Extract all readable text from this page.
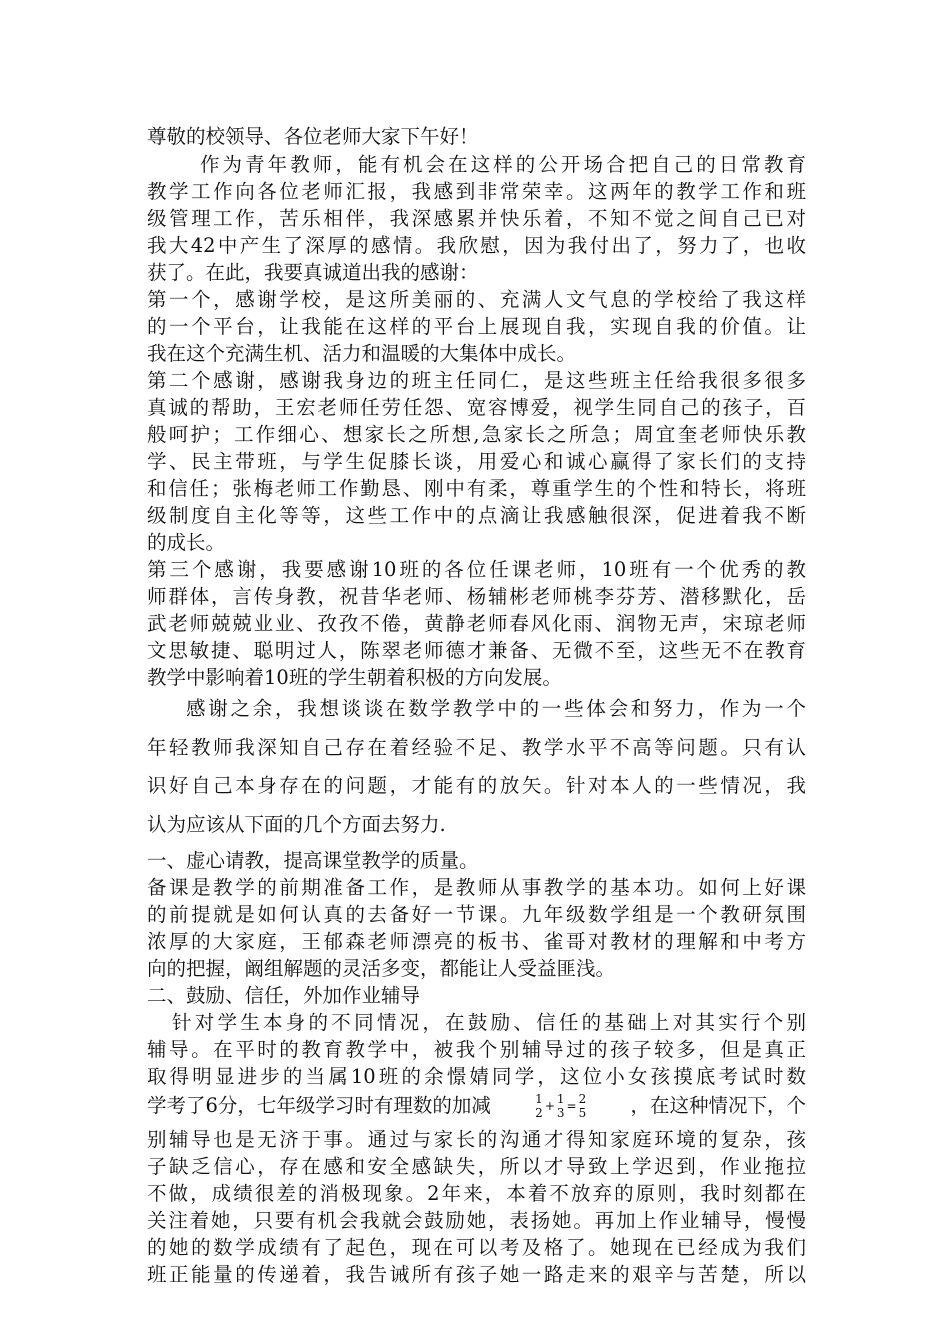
尊敬的校领导、各位老师大家下午好！
作为青年教师，能有机会在这样的公开场合把自己的日常教育
教学工作向各位老师汇报，我感到非常荣幸。这两年的教学工作和班
级管理工作，苦乐相伴，我深感累并快乐着，不知不觉之间自己已对
我大42中产生了深厚的感情。我欣慰，因为我付出了，努力了，也收
获了。在此，我要真诚道出我的感谢：
第一个，感谢学校，是这所美丽的、充满人文气息的学校给了我这样
的一个平台，让我能在这样的平台上展现自我，实现自我的价值。让
我在这个充满生机、活力和温暖的大集体中成长。
第二个感谢，感谢我身边的班主任同仁，是这些班主任给我很多很多
真诚的帮助，王宏老师任劳任怨、宽容博爱，视学生同自己的孩子，百
般呵护；工作细心、想家长之所想,急家长之所急；周宜奎老师快乐教
学、民主带班，与学生促膝长谈，用爱心和诚心赢得了家长们的支持
和信任；张梅老师工作勤恳、刚中有柔，尊重学生的个性和特长，将班
级制度自主化等等，这些工作中的点滴让我感触很深，促进着我不断
的成长。
第三个感谢，我要感谢10班的各位任课老师，10班有一个优秀的教
师群体，言传身教，祝昔华老师、杨辅彬老师桃李芬芳、潜移默化，岳
武老师兢兢业业、孜孜不倦，黄静老师春风化雨、润物无声，宋琼老师
文思敏捷、聪明过人，陈翠老师德才兼备、无微不至，这些无不在教育
教学中影响着10班的学生朝着积极的方向发展。
感谢之余，我想谈谈在数学教学中的一些体会和努力，作为一个
年轻教师我深知自己存在着经验不足、教学水平不高等问题。只有认
识好自己本身存在的问题，才能有的放矢。针对本人的一些情况，我
认为应该从下面的几个方面去努力.
一、虚心请教，提高课堂教学的质量。
备课是教学的前期准备工作，是教师从事教学的基本功。如何上好课
的前提就是如何认真的去备好一节课。九年级数学组是一个教研氛围
浓厚的大家庭，王郁森老师漂亮的板书、雀哥对教材的理解和中考方
向的把握，阚组解题的灵活多变，都能让人受益匪浅。
二、鼓励、信任，外加作业辅导
针对学生本身的不同情况，在鼓励、信任的基础上对其实行个别
辅导。在平时的教育教学中，被我个别辅导过的孩子较多，但是真正
取得明显进步的当属10班的余憬婧同学，这位小女孩摸底考试时数
学考了6分，七年级学习时有理数的加减	1
2 + 1
3 = 2
5 ，在这种情况下，个
别辅导也是无济于事。通过与家长的沟通才得知家庭环境的复杂，孩
子缺乏信心，存在感和安全感缺失，所以才导致上学迟到，作业拖拉
不做，成绩很差的消极现象。2年来，本着不放弃的原则，我时刻都在
关注着她，只要有机会我就会鼓励她，表扬她。再加上作业辅导，慢慢
的她的数学成绩有了起色，现在可以考及格了。她现在已经成为我们
班正能量的传递着，我告诫所有孩子她一路走来的艰辛与苦楚，所以
